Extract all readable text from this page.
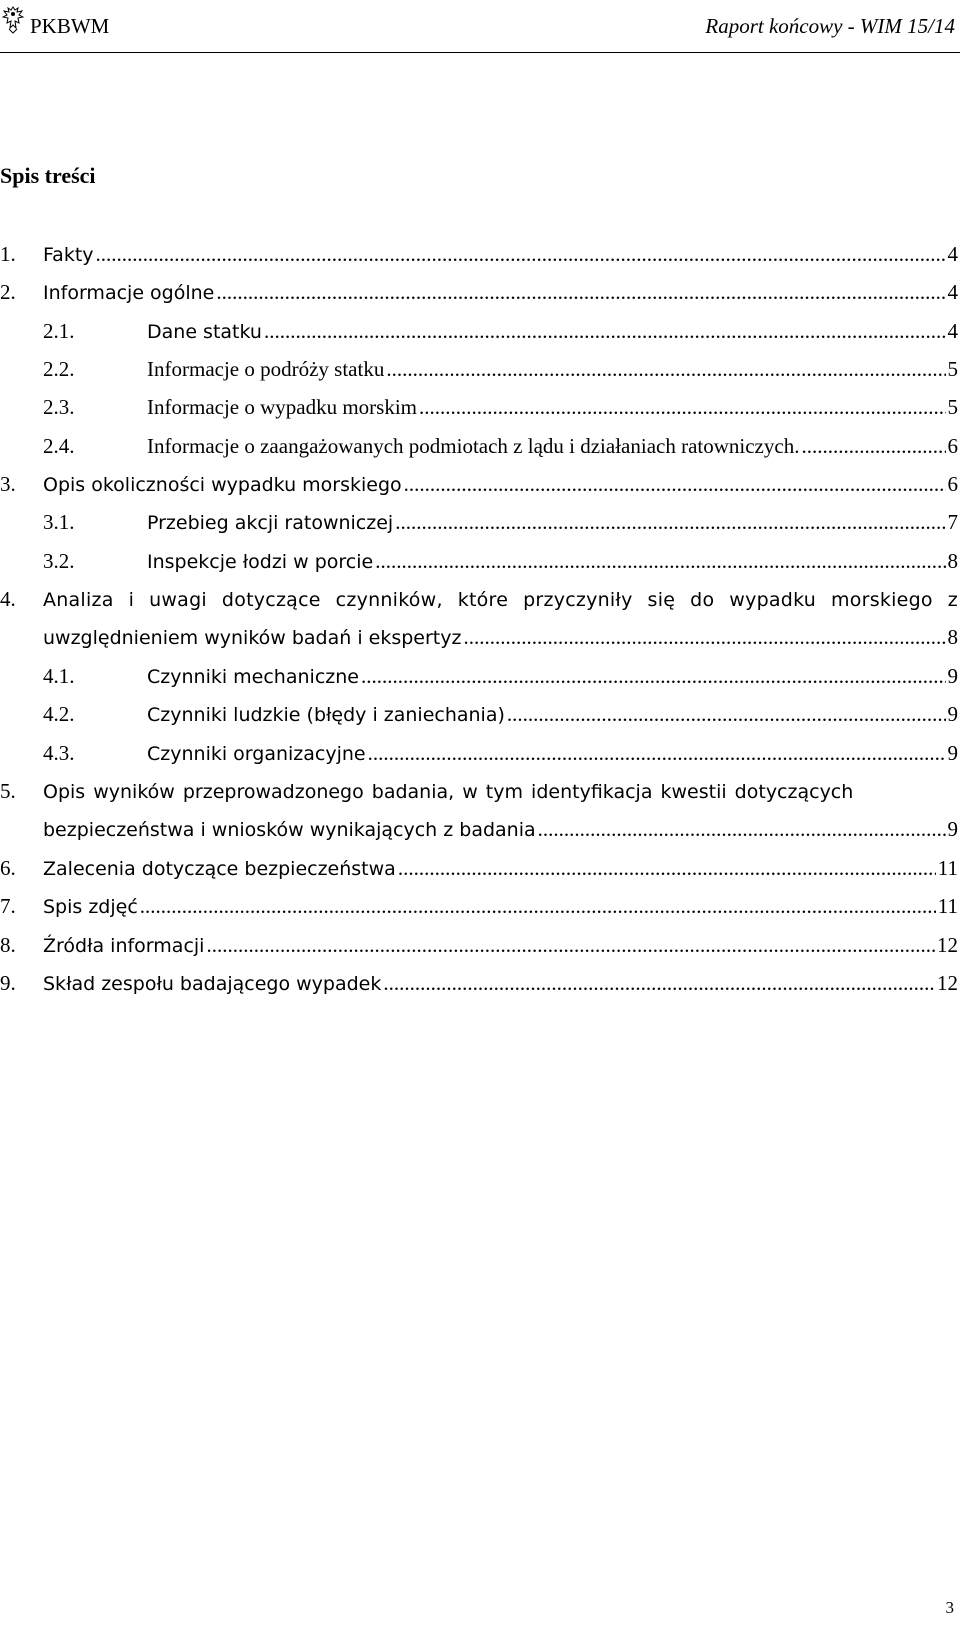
PKBWM	Raport końcowy - WIM 15/14
Spis treści
1.	Fakty .....	4
2.	Informacje ogólne .....	4
2.1.	Dane statku .....	4
2.2.	Informacje o podróży statku .....	5
2.3.	Informacje o wypadku morskim .....	5
2.4.	Informacje o zaangażowanych podmiotach z lądu i działaniach ratowniczych. .....	6
3.	Opis okoliczności wypadku morskiego .....	6
3.1.	Przebieg akcji ratowniczej .....	7
3.2.	Inspekcje łodzi w porcie .....	8
4.	Analiza i uwagi dotyczące czynników, które przyczyniły się do wypadku morskiego z
uwzględnieniem wyników badań i ekspertyz .....	8
4.1.	Czynniki mechaniczne .....	9
4.2.	Czynniki ludzkie (błędy i zaniechania) .....	9
4.3.	Czynniki organizacyjne .....	9
5.	Opis wyników przeprowadzonego badania, w tym identyfikacja kwestii dotyczących
bezpieczeństwa i wniosków wynikających z badania .....	9
6.	Zalecenia dotyczące bezpieczeństwa .....	11
7.	Spis zdjęć .....	11
8.	Źródła informacji .....	12
9.	Skład zespołu badającego wypadek .....	12
3
